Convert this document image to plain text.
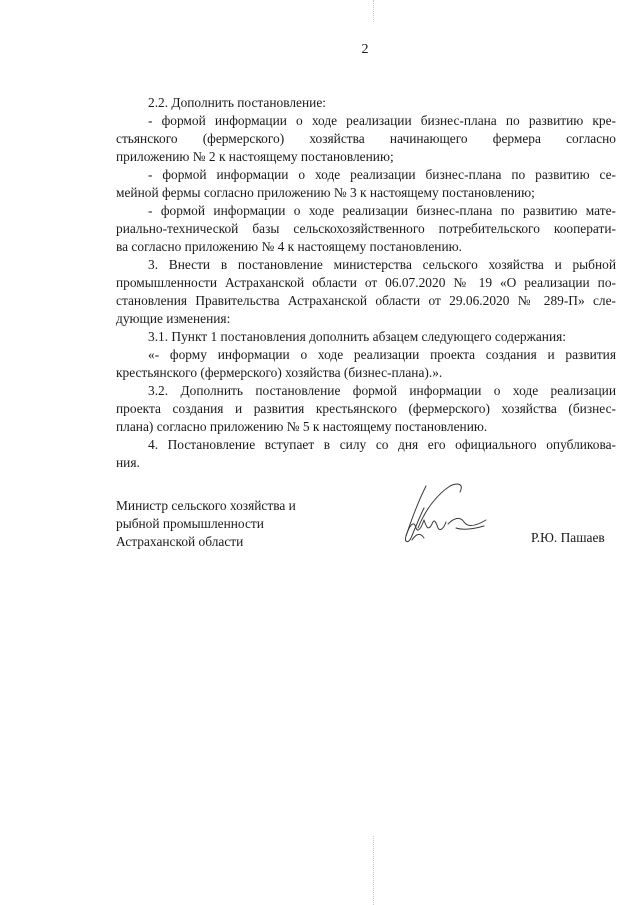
2

2.2. Дополнить постановление:

- формой информации о ходе реализации бизнес-плана по развитию кре-

стьянского (фермерского) хозяйства начинающего фермера согласно

приложению № 2 к настоящему постановлению;

- формой информации о ходе реализации бизнес-плана по развитию се-

мейной фермы согласно приложению № 3 к настоящему постановлению;

- формой информации о ходе реализации бизнес-плана по развитию мате-

риально-технической базы сельскохозяйственного потребительского кооперати-

ва согласно приложению № 4 к настоящему постановлению.

3. Внести в постановление министерства сельского хозяйства и рыбной

промышленности Астраханской области от 06.07.2020 № 19 «О реализации по-

становления Правительства Астраханской области от 29.06.2020 № 289-П» сле-

дующие изменения:

3.1. Пункт 1 постановления дополнить абзацем следующего содержания:

«- форму информации о ходе реализации проекта создания и развития

крестьянского (фермерского) хозяйства (бизнес-плана).».

3.2. Дополнить постановление формой информации о ходе реализации

проекта создания и развития крестьянского (фермерского) хозяйства (бизнес-

плана) согласно приложению № 5 к настоящему постановлению.

4. Постановление вступает в силу со дня его официального опубликова-

ния.

Министр сельского хозяйства и
рыбной промышленности
Астраханской области	Р.Ю. Пашаев
